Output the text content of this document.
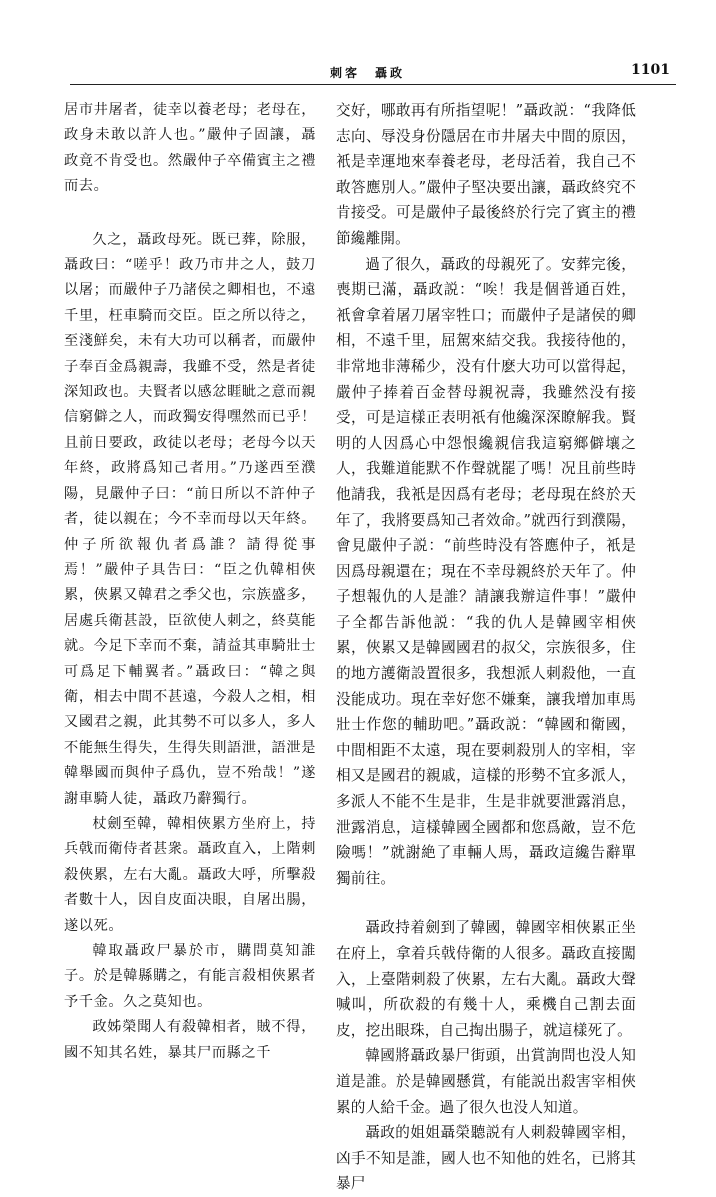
刺客　聶政	1101

居市井屠者，徒幸以養老母；老母在，政身未敢以許人也。”嚴仲子固讓，聶政竟不肯受也。然嚴仲子卒備賓主之禮而去。

久之，聶政母死。既已葬，除服，聶政曰：“嗟乎！政乃市井之人，鼓刀以屠；而嚴仲子乃諸侯之卿相也，不遠千里，枉車騎而交臣。臣之所以待之，至淺鮮矣，未有大功可以稱者，而嚴仲子奉百金爲親壽，我雖不受，然是者徒深知政也。夫賢者以感忿睚眦之意而親信窮僻之人，而政獨安得嘿然而已乎！且前日要政，政徒以老母；老母今以天年終，政將爲知己者用。”乃遂西至濮陽，見嚴仲子曰：“前日所以不許仲子者，徒以親在；今不幸而母以天年終。仲子所欲報仇者爲誰？請得從事焉！”嚴仲子具告曰：“臣之仇韓相俠累，俠累又韓君之季父也，宗族盛多，居處兵衛甚設，臣欲使人刺之，終莫能就。今足下幸而不棄，請益其車騎壯士可爲足下輔翼者。”聶政曰：“韓之與衛，相去中間不甚遠，今殺人之相，相又國君之親，此其勢不可以多人，多人不能無生得失，生得失則語泄，語泄是韓舉國而與仲子爲仇，豈不殆哉！”遂謝車騎人徒，聶政乃辭獨行。

杖劍至韓，韓相俠累方坐府上，持兵戟而衛侍者甚衆。聶政直入，上階刺殺俠累，左右大亂。聶政大呼，所擊殺者數十人，因自皮面决眼，自屠出腸，遂以死。

韓取聶政尸暴於市，購問莫知誰子。於是韓縣購之，有能言殺相俠累者予千金。久之莫知也。

政姊榮聞人有殺韓相者，賊不得，國不知其名姓，暴其尸而縣之千

交好，哪敢再有所指望呢！”聶政説：“我降低志向、辱没身份隱居在市井屠夫中間的原因，衹是幸運地來奉養老母，老母活着，我自己不敢答應別人。”嚴仲子堅决要出讓，聶政終究不肯接受。可是嚴仲子最後終於行完了賓主的禮節纔離開。

過了很久，聶政的母親死了。安葬完後，喪期已滿，聶政説：“唉！我是個普通百姓，衹會拿着屠刀屠宰牲口；而嚴仲子是諸侯的卿相，不遠千里，屈駕來結交我。我接待他的，非常地非薄稀少，没有什麽大功可以當得起，嚴仲子捧着百金替母親祝壽，我雖然没有接受，可是這樣正表明祇有他纔深深瞭解我。賢明的人因爲心中怨恨纔親信我這窮鄉僻壤之人，我難道能默不作聲就罷了嗎！况且前些時他請我，我衹是因爲有老母；老母現在終於天年了，我將要爲知己者效命。”就西行到濮陽，會見嚴仲子説：“前些時没有答應仲子，衹是因爲母親還在；現在不幸母親終於天年了。仲子想報仇的人是誰？請讓我辦這件事！”嚴仲子全都告訴他説：“我的仇人是韓國宰相俠累，俠累又是韓國國君的叔父，宗族很多，住的地方護衛設置很多，我想派人刺殺他，一直没能成功。現在幸好您不嫌棄，讓我增加車馬壯士作您的輔助吧。”聶政説：“韓國和衛國，中間相距不太遠，現在要刺殺別人的宰相，宰相又是國君的親戚，這樣的形勢不宜多派人，多派人不能不生是非，生是非就要泄露消息，泄露消息，這樣韓國全國都和您爲敵，豈不危險嗎！”就謝絶了車輛人馬，聶政這纔告辭單獨前往。

聶政持着劍到了韓國，韓國宰相俠累正坐在府上，拿着兵戟侍衛的人很多。聶政直接闖入，上臺階刺殺了俠累，左右大亂。聶政大聲喊叫，所砍殺的有幾十人，乘機自己割去面皮，挖出眼珠，自己掏出腸子，就這樣死了。

韓國將聶政暴尸街頭，出賞詢問也没人知道是誰。於是韓國懸賞，有能説出殺害宰相俠累的人給千金。過了很久也没人知道。

聶政的姐姐聶榮聽説有人刺殺韓國宰相，凶手不知是誰，國人也不知他的姓名，已將其暴尸
